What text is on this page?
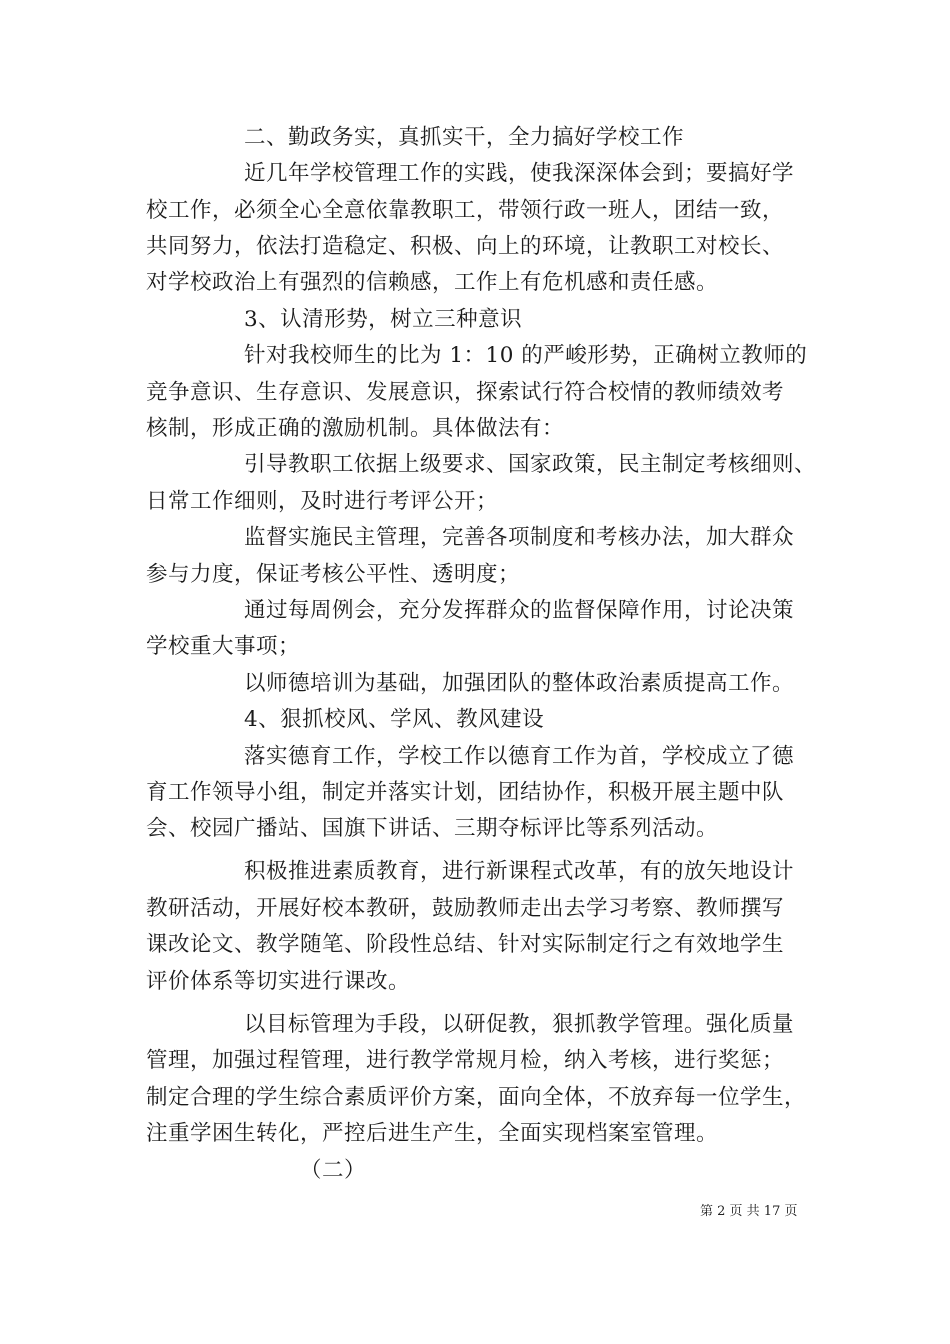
二、勤政务实，真抓实干，全力搞好学校工作
近几年学校管理工作的实践，使我深深体会到；要搞好学
校工作，必须全心全意依靠教职工，带领行政一班人，团结一致，
共同努力，依法打造稳定、积极、向上的环境，让教职工对校长、
对学校政治上有强烈的信赖感，工作上有危机感和责任感。
3、认清形势，树立三种意识
针对我校师生的比为 1：10 的严峻形势，正确树立教师的
竞争意识、生存意识、发展意识，探索试行符合校情的教师绩效考
核制，形成正确的激励机制。具体做法有：
引导教职工依据上级要求、国家政策，民主制定考核细则、
日常工作细则，及时进行考评公开；
监督实施民主管理，完善各项制度和考核办法，加大群众
参与力度，保证考核公平性、透明度；
通过每周例会，充分发挥群众的监督保障作用，讨论决策
学校重大事项；
以师德培训为基础，加强团队的整体政治素质提高工作。
4、狠抓校风、学风、教风建设
落实德育工作，学校工作以德育工作为首，学校成立了德
育工作领导小组，制定并落实计划，团结协作，积极开展主题中队
会、校园广播站、国旗下讲话、三期夺标评比等系列活动。
积极推进素质教育，进行新课程式改革，有的放矢地设计
教研活动，开展好校本教研，鼓励教师走出去学习考察、教师撰写
课改论文、教学随笔、阶段性总结、针对实际制定行之有效地学生
评价体系等切实进行课改。
以目标管理为手段，以研促教，狠抓教学管理。强化质量
管理，加强过程管理，进行教学常规月检，纳入考核，进行奖惩；
制定合理的学生综合素质评价方案，面向全体，不放弃每一位学生，
注重学困生转化，严控后进生产生，全面实现档案室管理。
（二）
第 2 页 共 17 页
